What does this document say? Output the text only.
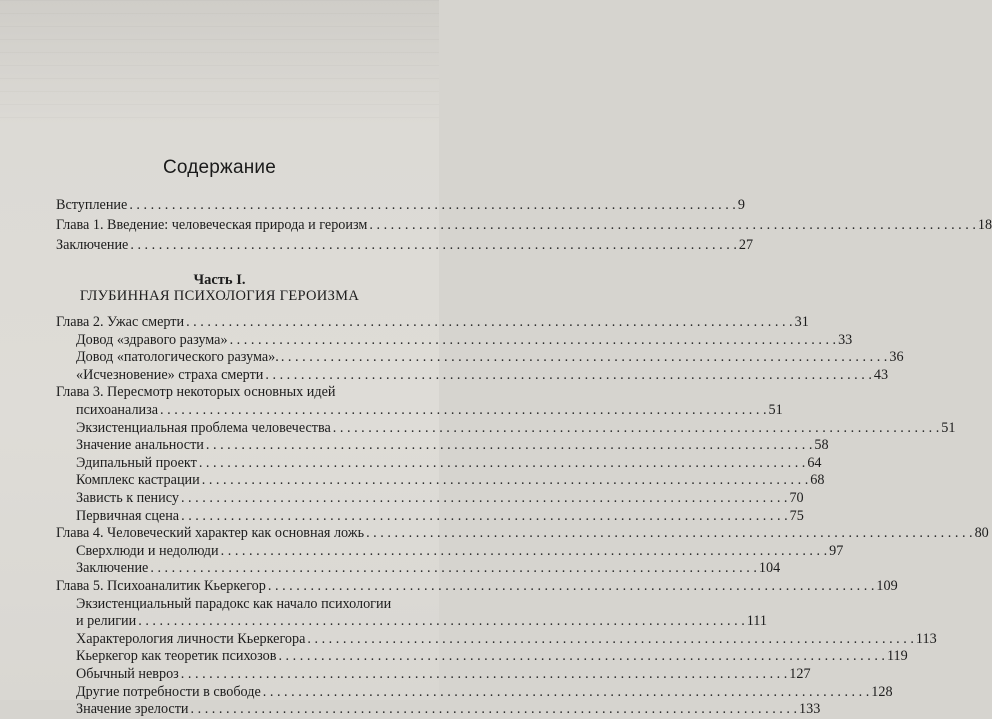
Содержание
Вступление . . .	9
Глава 1. Введение: человеческая природа и героизм . . .	18
Заключение . . .	27
Часть I.
ГЛУБИННАЯ ПСИХОЛОГИЯ ГЕРОИЗМА
Глава 2. Ужас смерти . . .	31
Довод «здравого разума» . . .	33
Довод «патологического разума». . . .	36
«Исчезновение» страха смерти . . .	43
Глава 3. Пересмотр некоторых основных идей
психоанализа . . .	51
Экзистенциальная проблема человечества . . .	51
Значение анальности . . .	58
Эдипальный проект . . .	64
Комплекс кастрации . . .	68
Зависть к пенису . . .	70
Первичная сцена . . .	75
Глава 4. Человеческий характер как основная ложь . . .	80
Сверхлюди и недолюди . . .	97
Заключение . . .	104
Глава 5. Психоаналитик Кьеркегор . . .	109
Экзистенциальный парадокс как начало психологии
и религии . . .	111
Характерология личности Кьеркегора . . .	113
Кьеркегор как теоретик психозов . . .	119
Обычный невроз . . .	127
Другие потребности в свободе . . .	128
Значение зрелости . . .	133
